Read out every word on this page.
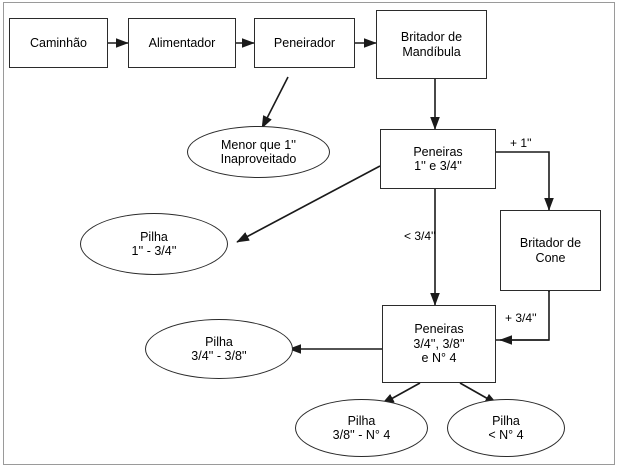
Caminhão	Alimentador	Peneirador	Britador de
Mandíbula
Menor que 1''
Inaproveitado
Peneiras
1'' e 3/4''
Britador de
Cone
Pilha
1'' - 3/4''
Peneiras
3/4'', 3/8''
e N° 4
Pilha
3/4'' - 3/8''
Pilha
3/8'' - N° 4
Pilha
< N° 4
+ 1''
< 3/4''
+ 3/4''
